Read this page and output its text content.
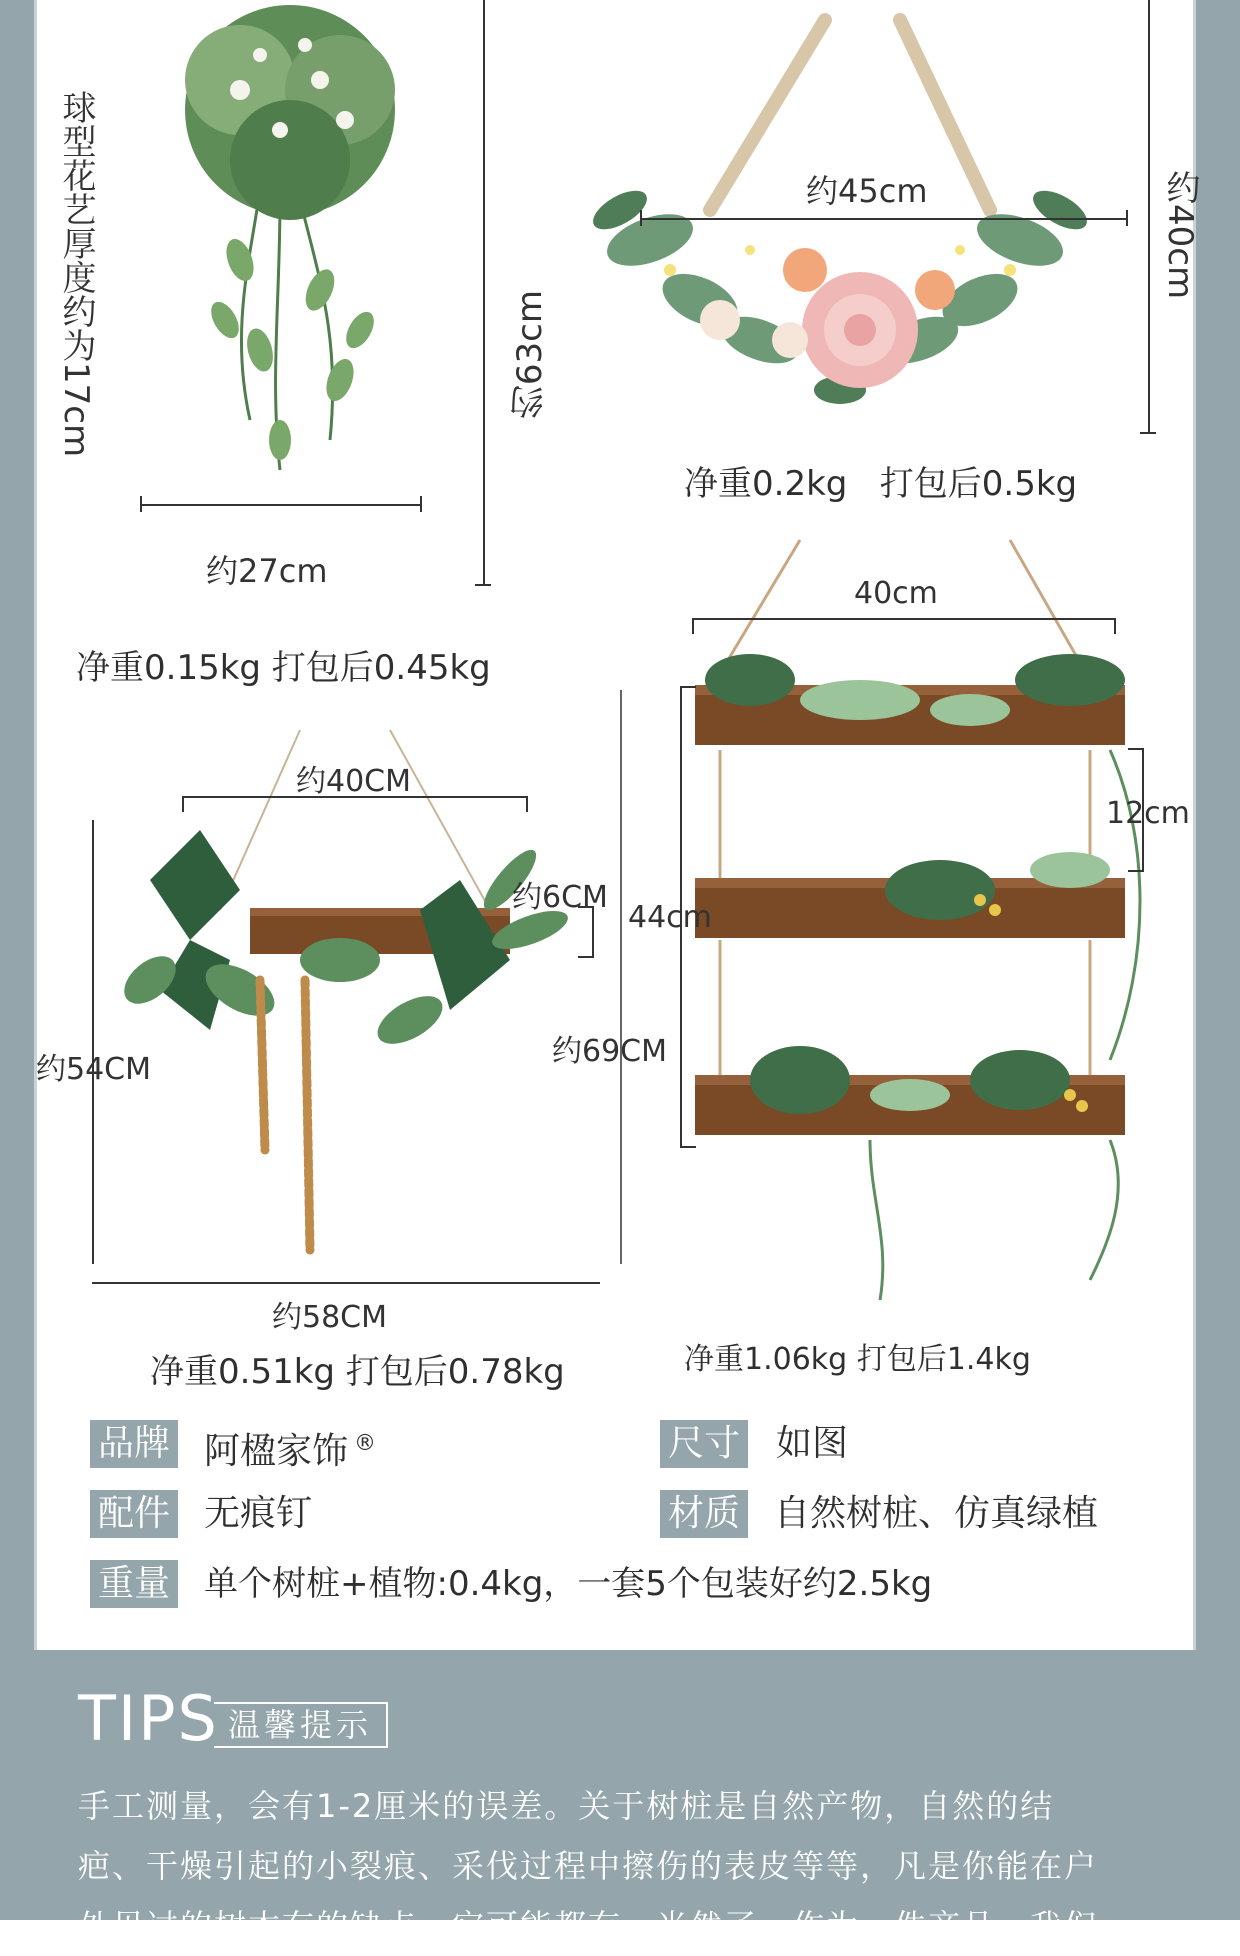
球型花艺厚度约为17cm
约27cm
约63cm
净重0.15kg 打包后0.45kg
约45cm	约40cm
净重0.2kg   打包后0.5kg
约40CM
约6CM
约54CM
约58CM
净重0.51kg 打包后0.78kg
40cm
12cm
44cm
约69CM
净重1.06kg 打包后1.4kg
品牌 阿楹家饰 ®	尺寸 如图
配件 无痕钉	材质 自然树桩、仿真绿植
重量 单个树桩+植物:0.4kg，一套5个包装好约2.5kg
TIPS 温馨提示
手工测量，会有1-2厘米的误差。关于树桩是自然产物，自然的结
疤、干燥引起的小裂痕、采伐过程中擦伤的表皮等等，凡是你能在户
外见过的树木有的缺点，它可能都有。当然了，作为一件产品，我们
